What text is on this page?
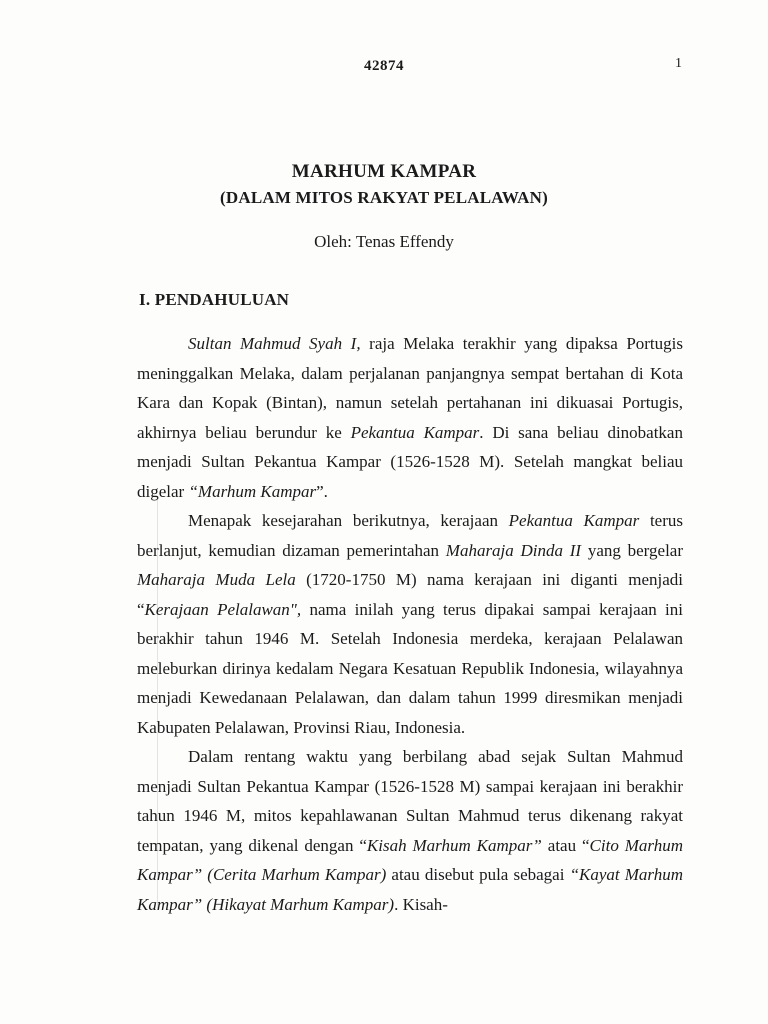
42874	1
MARHUM KAMPAR
(DALAM MITOS RAKYAT PELALAWAN)
Oleh: Tenas Effendy
I. PENDAHULUAN

Sultan Mahmud Syah I, raja Melaka terakhir yang dipaksa Portugis meninggalkan Melaka, dalam perjalanan panjangnya sempat bertahan di Kota Kara dan Kopak (Bintan), namun setelah pertahanan ini dikuasai Portugis, akhirnya beliau berundur ke Pekantua Kampar. Di sana beliau dinobatkan menjadi Sultan Pekantua Kampar (1526-1528 M). Setelah mangkat beliau digelar “Marhum Kampar”.

Menapak kesejarahan berikutnya, kerajaan Pekantua Kampar terus berlanjut, kemudian dizaman pemerintahan Maharaja Dinda II yang bergelar Maharaja Muda Lela (1720-1750 M) nama kerajaan ini diganti menjadi “Kerajaan Pelalawan", nama inilah yang terus dipakai sampai kerajaan ini berakhir tahun 1946 M. Setelah Indonesia merdeka, kerajaan Pelalawan meleburkan dirinya kedalam Negara Kesatuan Republik Indonesia, wilayahnya menjadi Kewedanaan Pelalawan, dan dalam tahun 1999 diresmikan menjadi Kabupaten Pelalawan, Provinsi Riau, Indonesia.

Dalam rentang waktu yang berbilang abad sejak Sultan Mahmud menjadi Sultan Pekantua Kampar (1526-1528 M) sampai kerajaan ini berakhir tahun 1946 M, mitos kepahlawanan Sultan Mahmud terus dikenang rakyat tempatan, yang dikenal dengan “Kisah Marhum Kampar” atau “Cito Marhum Kampar” (Cerita Marhum Kampar) atau disebut pula sebagai “Kayat Marhum Kampar” (Hikayat Marhum Kampar). Kisah-
